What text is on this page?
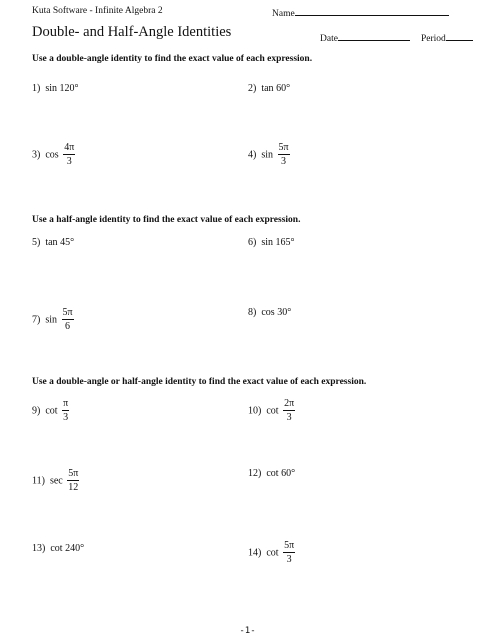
Kuta Software - Infinite Algebra 2	Name
Double- and Half-Angle Identities	Date	Period
Use a double-angle identity to find the exact value of each expression.
1) sin 120°	2) tan 60°
3) $\cos \frac{4\pi}{3}$	4) $\sin \frac{5\pi}{3}$
Use a half-angle identity to find the exact value of each expression.
5) tan 45°	6) sin 165°
7) $\sin \frac{5\pi}{6}$	8) cos 30°
Use a double-angle or half-angle identity to find the exact value of each expression.
9) $\cot \frac{\pi}{3}$	10) $\cot \frac{2\pi}{3}$
11) $\sec \frac{5\pi}{12}$	12) cot 60°
13) cot 240°	14) $\cot \frac{5\pi}{3}$
-1-
